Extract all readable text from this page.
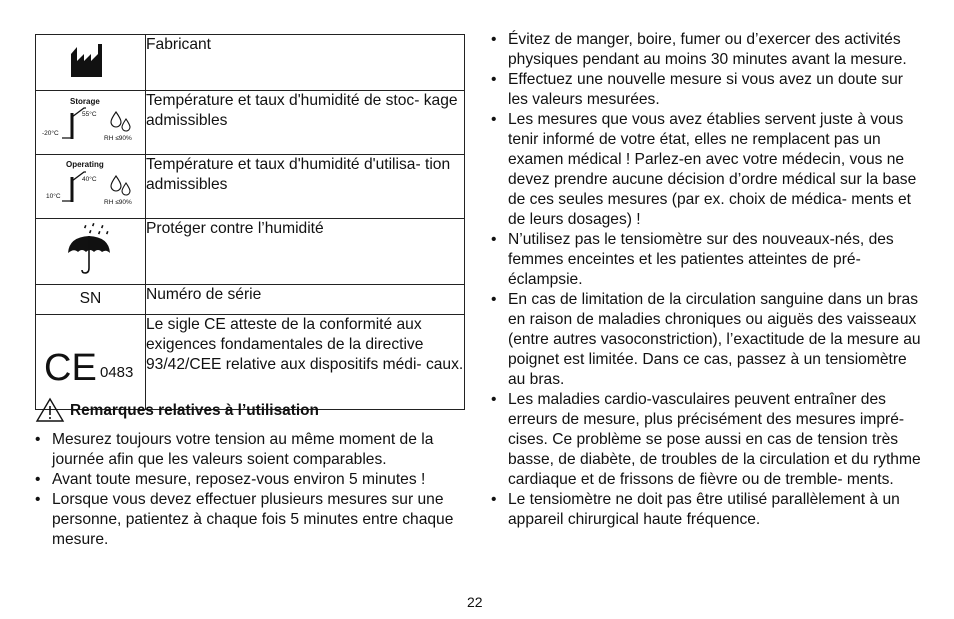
	Fabricant

Storage
-20°C
55°C
RH ≤90%	Température et taux d'humidité de stoc- kage admissibles

Operating
10°C
40°C
RH ≤90%	Température et taux d'humidité d'utilisa- tion admissibles
	Protéger contre l’humidité
SN	Numéro de série

CE 0483	Le sigle CE atteste de la conformité aux exigences fondamentales de la directive 93/42/CEE relative aux dispositifs médi- caux.
Remarques relatives à l’utilisation
• Mesurez toujours votre tension au même moment de la journée afin que les valeurs soient comparables.
• Avant toute mesure, reposez-vous environ 5 minutes !
• Lorsque vous devez effectuer plusieurs mesures sur une personne, patientez à chaque fois 5 minutes entre chaque mesure.
• Évitez de manger, boire, fumer ou d’exercer des activités physiques pendant au moins 30 minutes avant la mesure.
• Effectuez une nouvelle mesure si vous avez un doute sur les valeurs mesurées.
• Les mesures que vous avez établies servent juste à vous tenir informé de votre état, elles ne remplacent pas un examen médical ! Parlez-en avec votre médecin, vous ne devez prendre aucune décision d’ordre médical sur la base de ces seules mesures (par ex. choix de médica- ments et de leurs dosages) !
• N’utilisez pas le tensiomètre sur des nouveaux-nés, des femmes enceintes et les patientes atteintes de pré- éclampsie.
• En cas de limitation de la circulation sanguine dans un bras en raison de maladies chroniques ou aiguës des vaisseaux (entre autres vasoconstriction), l’exactitude de la mesure au poignet est limitée. Dans ce cas, passez à un tensiomètre au bras.
• Les maladies cardio-vasculaires peuvent entraîner des erreurs de mesure, plus précisément des mesures impré- cises. Ce problème se pose aussi en cas de tension très basse, de diabète, de troubles de la circulation et du rythme cardiaque et de frissons de fièvre ou de tremble- ments.
• Le tensiomètre ne doit pas être utilisé parallèlement à un appareil chirurgical haute fréquence.
22
